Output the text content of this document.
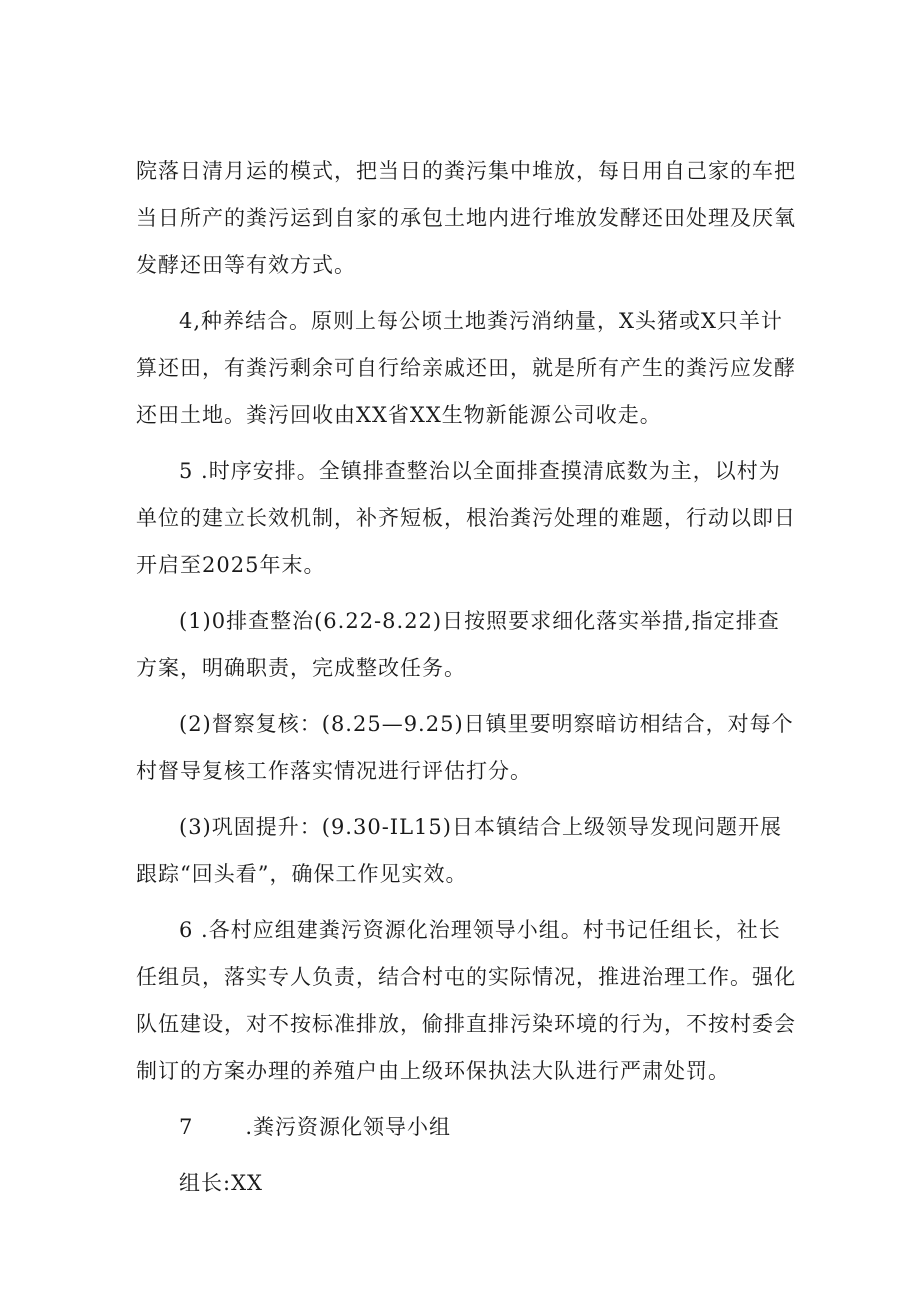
院落日清月运的模式，把当日的粪污集中堆放，每日用自己家的车把
当日所产的粪污运到自家的承包土地内进行堆放发酵还田处理及厌氧
发酵还田等有效方式。

4,种养结合。原则上每公顷土地粪污消纳量，X头猪或X只羊计
算还田，有粪污剩余可自行给亲戚还田，就是所有产生的粪污应发酵
还田土地。粪污回收由XX省XX生物新能源公司收走。

5 .时序安排。全镇排查整治以全面排查摸清底数为主，以村为
单位的建立长效机制，补齐短板，根治粪污处理的难题，行动以即日
开启至2025年末。

(1)0排查整治(6.22-8.22)日按照要求细化落实举措,指定排查
方案，明确职责，完成整改任务。

(2)督察复核：(8.25—9.25)日镇里要明察暗访相结合，对每个
村督导复核工作落实情况进行评估打分。

(3)巩固提升：(9.30-IL15)日本镇结合上级领导发现问题开展
跟踪“回头看”，确保工作见实效。

6 .各村应组建粪污资源化治理领导小组。村书记任组长，社长
任组员，落实专人负责，结合村屯的实际情况，推进治理工作。强化
队伍建设，对不按标准排放，偷排直排污染环境的行为，不按村委会
制订的方案办理的养殖户由上级环保执法大队进行严肃处罚。

7 .粪污资源化领导小组

组长:XX
